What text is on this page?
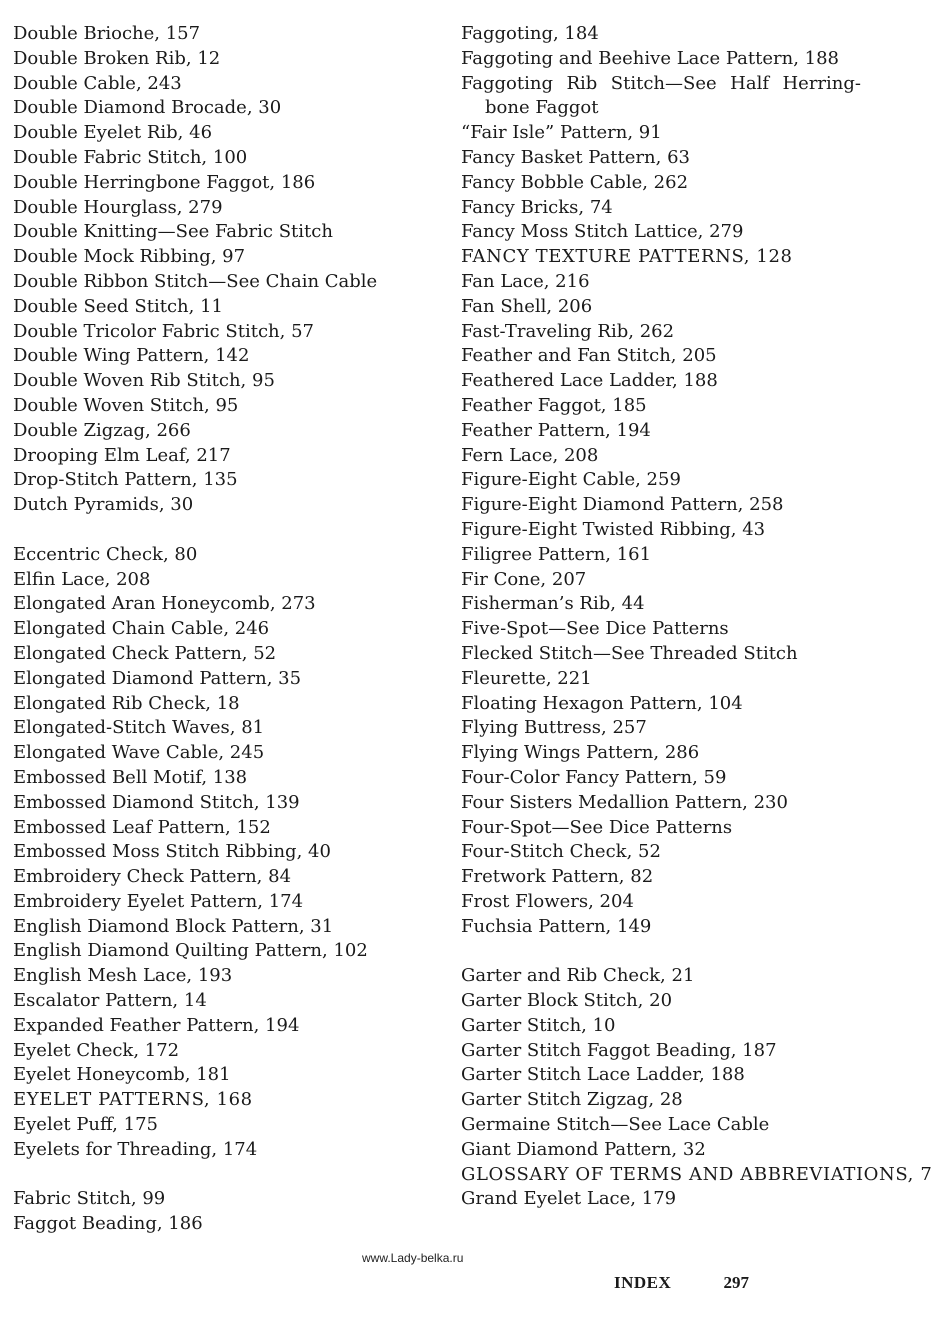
Double Brioche, 157
Double Broken Rib, 12
Double Cable, 243
Double Diamond Brocade, 30
Double Eyelet Rib, 46
Double Fabric Stitch, 100
Double Herringbone Faggot, 186
Double Hourglass, 279
Double Knitting—See Fabric Stitch
Double Mock Ribbing, 97
Double Ribbon Stitch—See Chain Cable
Double Seed Stitch, 11
Double Tricolor Fabric Stitch, 57
Double Wing Pattern, 142
Double Woven Rib Stitch, 95
Double Woven Stitch, 95
Double Zigzag, 266
Drooping Elm Leaf, 217
Drop-Stitch Pattern, 135
Dutch Pyramids, 30
Eccentric Check, 80
Elfin Lace, 208
Elongated Aran Honeycomb, 273
Elongated Chain Cable, 246
Elongated Check Pattern, 52
Elongated Diamond Pattern, 35
Elongated Rib Check, 18
Elongated-Stitch Waves, 81
Elongated Wave Cable, 245
Embossed Bell Motif, 138
Embossed Diamond Stitch, 139
Embossed Leaf Pattern, 152
Embossed Moss Stitch Ribbing, 40
Embroidery Check Pattern, 84
Embroidery Eyelet Pattern, 174
English Diamond Block Pattern, 31
English Diamond Quilting Pattern, 102
English Mesh Lace, 193
Escalator Pattern, 14
Expanded Feather Pattern, 194
Eyelet Check, 172
Eyelet Honeycomb, 181
EYELET PATTERNS, 168
Eyelet Puff, 175
Eyelets for Threading, 174
Fabric Stitch, 99
Faggot Beading, 186
Faggoting, 184
Faggoting and Beehive Lace Pattern, 188
Faggoting Rib Stitch—See Half Herring-bone Faggot
“Fair Isle” Pattern, 91
Fancy Basket Pattern, 63
Fancy Bobble Cable, 262
Fancy Bricks, 74
Fancy Moss Stitch Lattice, 279
FANCY TEXTURE PATTERNS, 128
Fan Lace, 216
Fan Shell, 206
Fast-Traveling Rib, 262
Feather and Fan Stitch, 205
Feathered Lace Ladder, 188
Feather Faggot, 185
Feather Pattern, 194
Fern Lace, 208
Figure-Eight Cable, 259
Figure-Eight Diamond Pattern, 258
Figure-Eight Twisted Ribbing, 43
Filigree Pattern, 161
Fir Cone, 207
Fisherman’s Rib, 44
Five-Spot—See Dice Patterns
Flecked Stitch—See Threaded Stitch
Fleurette, 221
Floating Hexagon Pattern, 104
Flying Buttress, 257
Flying Wings Pattern, 286
Four-Color Fancy Pattern, 59
Four Sisters Medallion Pattern, 230
Four-Spot—See Dice Patterns
Four-Stitch Check, 52
Fretwork Pattern, 82
Frost Flowers, 204
Fuchsia Pattern, 149
Garter and Rib Check, 21
Garter Block Stitch, 20
Garter Stitch, 10
Garter Stitch Faggot Beading, 187
Garter Stitch Lace Ladder, 188
Garter Stitch Zigzag, 28
Germaine Stitch—See Lace Cable
Giant Diamond Pattern, 32
GLOSSARY OF TERMS AND ABBREVIATIONS, 7
Grand Eyelet Lace, 179
www.Lady-belka.ru
INDEX	297
